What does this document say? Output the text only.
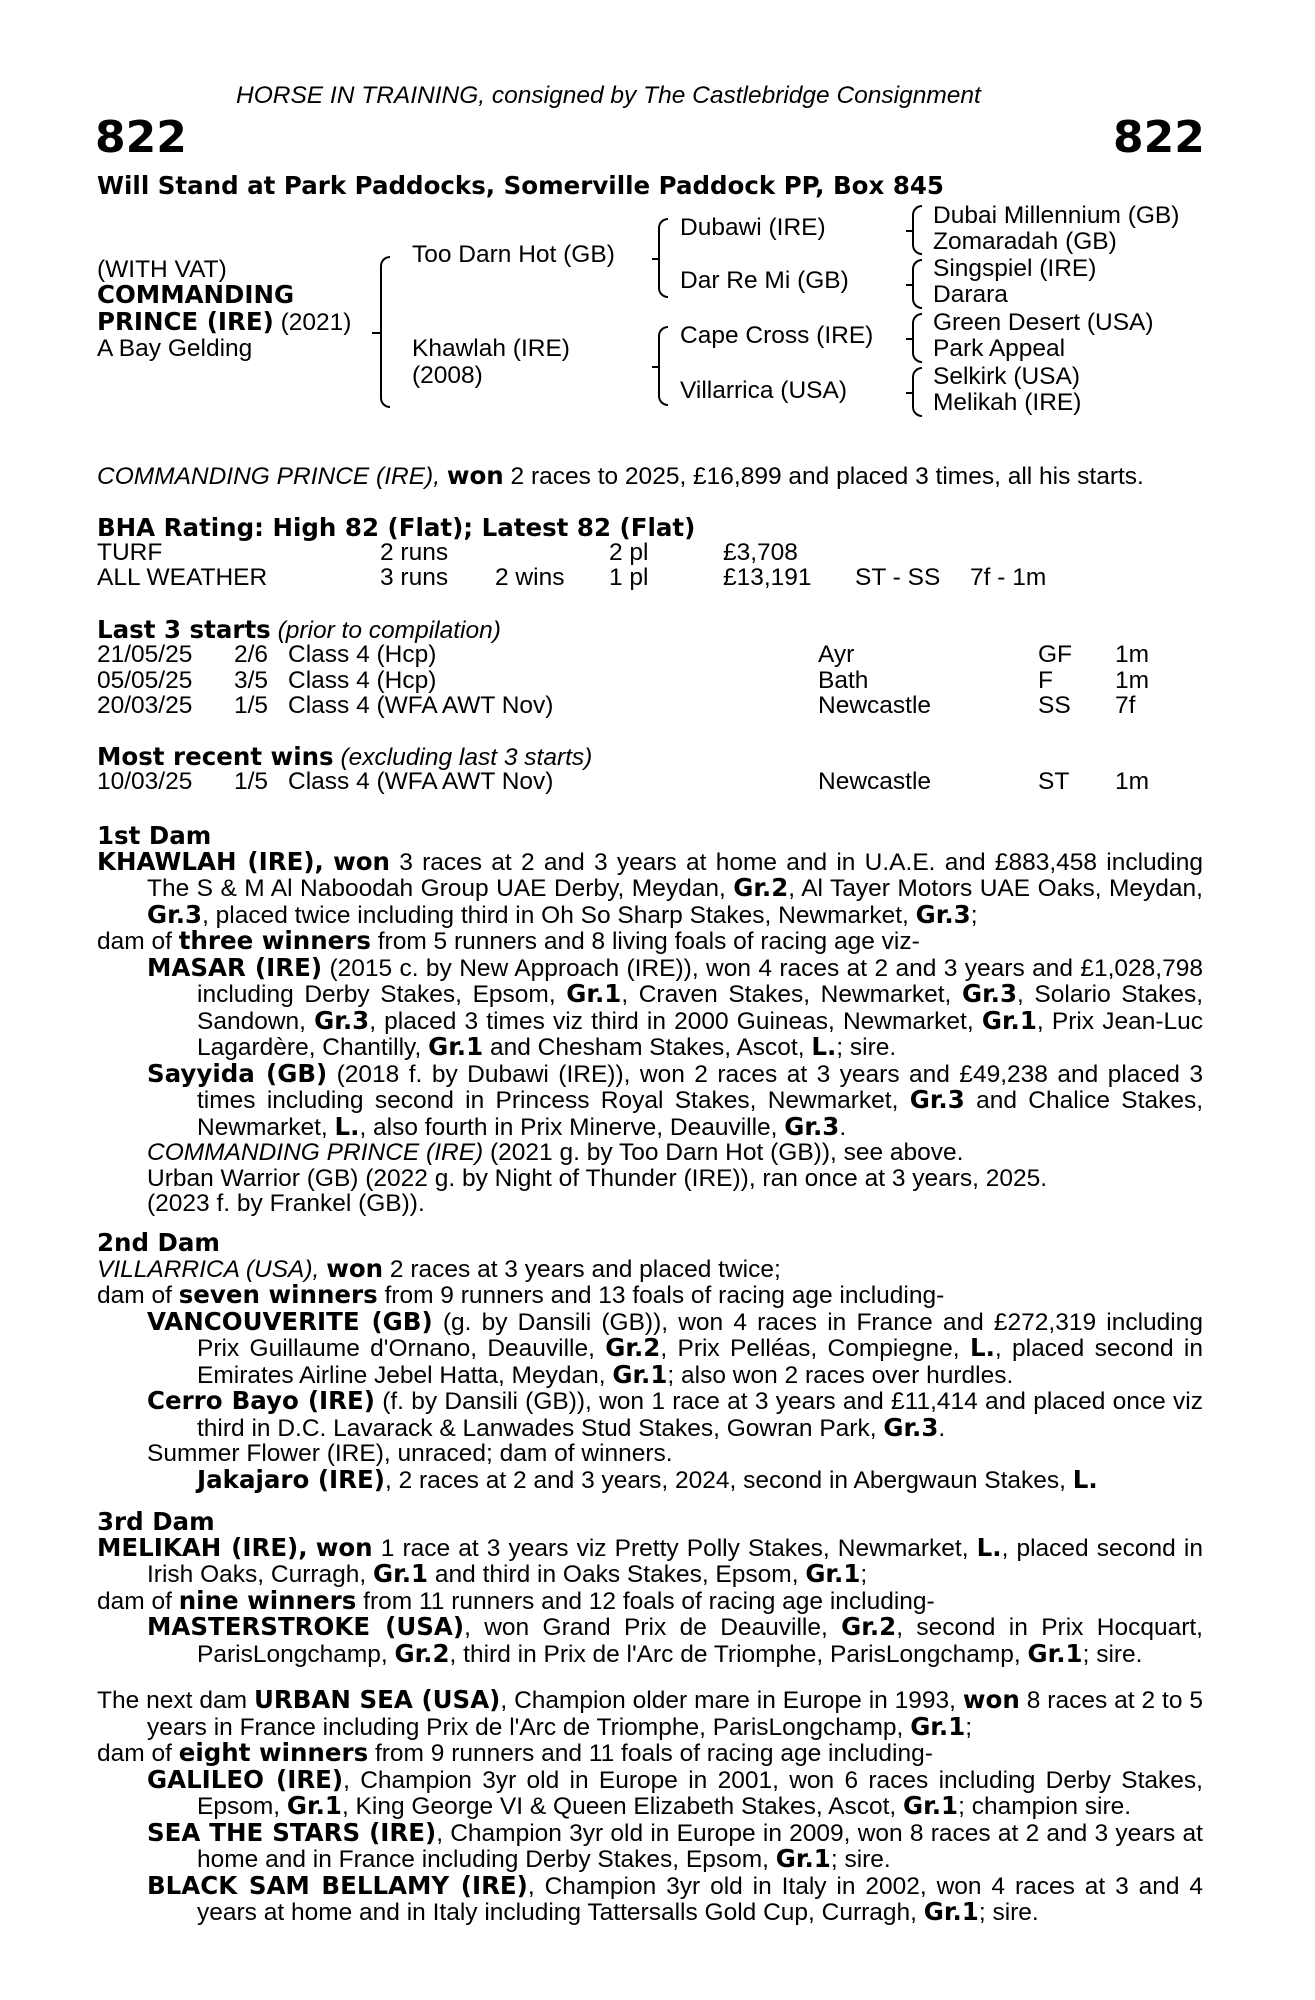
HORSE IN TRAINING, consigned by The Castlebridge Consignment
822	822
Will Stand at Park Paddocks, Somerville Paddock PP, Box 845
(WITH VAT)
COMMANDING
PRINCE (IRE) (2021)
A Bay Gelding
Too Darn Hot (GB)
Khawlah (IRE)
(2008)
Dubawi (IRE)
Dar Re Mi (GB)
Cape Cross (IRE)
Villarrica (USA)
Dubai Millennium (GB)
Zomaradah (GB)
Singspiel (IRE)
Darara
Green Desert (USA)
Park Appeal
Selkirk (USA)
Melikah (IRE)
COMMANDING PRINCE (IRE), won 2 races to 2025, £16,899 and placed 3 times, all his starts.
BHA Rating: High 82 (Flat); Latest 82 (Flat)
TURF	2 runs	2 pl	£3,708
ALL WEATHER	3 runs 2 wins 1 pl	£13,191 ST - SS 7f - 1m
Last 3 starts (prior to compilation)
21/05/25 2/6 Class 4 (Hcp)	Ayr	GF 1m
05/05/25 3/5 Class 4 (Hcp)	Bath	F	1m
20/03/25 1/5 Class 4 (WFA AWT Nov)	Newcastle	SS 7f
Most recent wins (excluding last 3 starts)
10/03/25 1/5 Class 4 (WFA AWT Nov)	Newcastle	ST 1m
1st Dam
KHAWLAH (IRE), won 3 races at 2 and 3 years at home and in U.A.E. and £883,458 including The S & M Al Naboodah Group UAE Derby, Meydan, Gr.2, Al Tayer Motors UAE Oaks, Meydan, Gr.3, placed twice including third in Oh So Sharp Stakes, Newmarket, Gr.3;
dam of three winners from 5 runners and 8 living foals of racing age viz-
MASAR (IRE) (2015 c. by New Approach (IRE)), won 4 races at 2 and 3 years and £1,028,798 including Derby Stakes, Epsom, Gr.1, Craven Stakes, Newmarket, Gr.3, Solario Stakes, Sandown, Gr.3, placed 3 times viz third in 2000 Guineas, Newmarket, Gr.1, Prix Jean-Luc Lagardère, Chantilly, Gr.1 and Chesham Stakes, Ascot, L.; sire.
Sayyida (GB) (2018 f. by Dubawi (IRE)), won 2 races at 3 years and £49,238 and placed 3 times including second in Princess Royal Stakes, Newmarket, Gr.3 and Chalice Stakes, Newmarket, L., also fourth in Prix Minerve, Deauville, Gr.3.
COMMANDING PRINCE (IRE) (2021 g. by Too Darn Hot (GB)), see above.
Urban Warrior (GB) (2022 g. by Night of Thunder (IRE)), ran once at 3 years, 2025.
(2023 f. by Frankel (GB)).
2nd Dam
VILLARRICA (USA), won 2 races at 3 years and placed twice;
dam of seven winners from 9 runners and 13 foals of racing age including-
VANCOUVERITE (GB) (g. by Dansili (GB)), won 4 races in France and £272,319 including Prix Guillaume d'Ornano, Deauville, Gr.2, Prix Pelléas, Compiegne, L., placed second in Emirates Airline Jebel Hatta, Meydan, Gr.1; also won 2 races over hurdles.
Cerro Bayo (IRE) (f. by Dansili (GB)), won 1 race at 3 years and £11,414 and placed once viz third in D.C. Lavarack & Lanwades Stud Stakes, Gowran Park, Gr.3.
Summer Flower (IRE), unraced; dam of winners.
Jakajaro (IRE), 2 races at 2 and 3 years, 2024, second in Abergwaun Stakes, L.
3rd Dam
MELIKAH (IRE), won 1 race at 3 years viz Pretty Polly Stakes, Newmarket, L., placed second in Irish Oaks, Curragh, Gr.1 and third in Oaks Stakes, Epsom, Gr.1;
dam of nine winners from 11 runners and 12 foals of racing age including-
MASTERSTROKE (USA), won Grand Prix de Deauville, Gr.2, second in Prix Hocquart, ParisLongchamp, Gr.2, third in Prix de l'Arc de Triomphe, ParisLongchamp, Gr.1; sire.
The next dam URBAN SEA (USA), Champion older mare in Europe in 1993, won 8 races at 2 to 5 years in France including Prix de l'Arc de Triomphe, ParisLongchamp, Gr.1;
dam of eight winners from 9 runners and 11 foals of racing age including-
GALILEO (IRE), Champion 3yr old in Europe in 2001, won 6 races including Derby Stakes, Epsom, Gr.1, King George VI & Queen Elizabeth Stakes, Ascot, Gr.1; champion sire.
SEA THE STARS (IRE), Champion 3yr old in Europe in 2009, won 8 races at 2 and 3 years at home and in France including Derby Stakes, Epsom, Gr.1; sire.
BLACK SAM BELLAMY (IRE), Champion 3yr old in Italy in 2002, won 4 races at 3 and 4 years at home and in Italy including Tattersalls Gold Cup, Curragh, Gr.1; sire.
